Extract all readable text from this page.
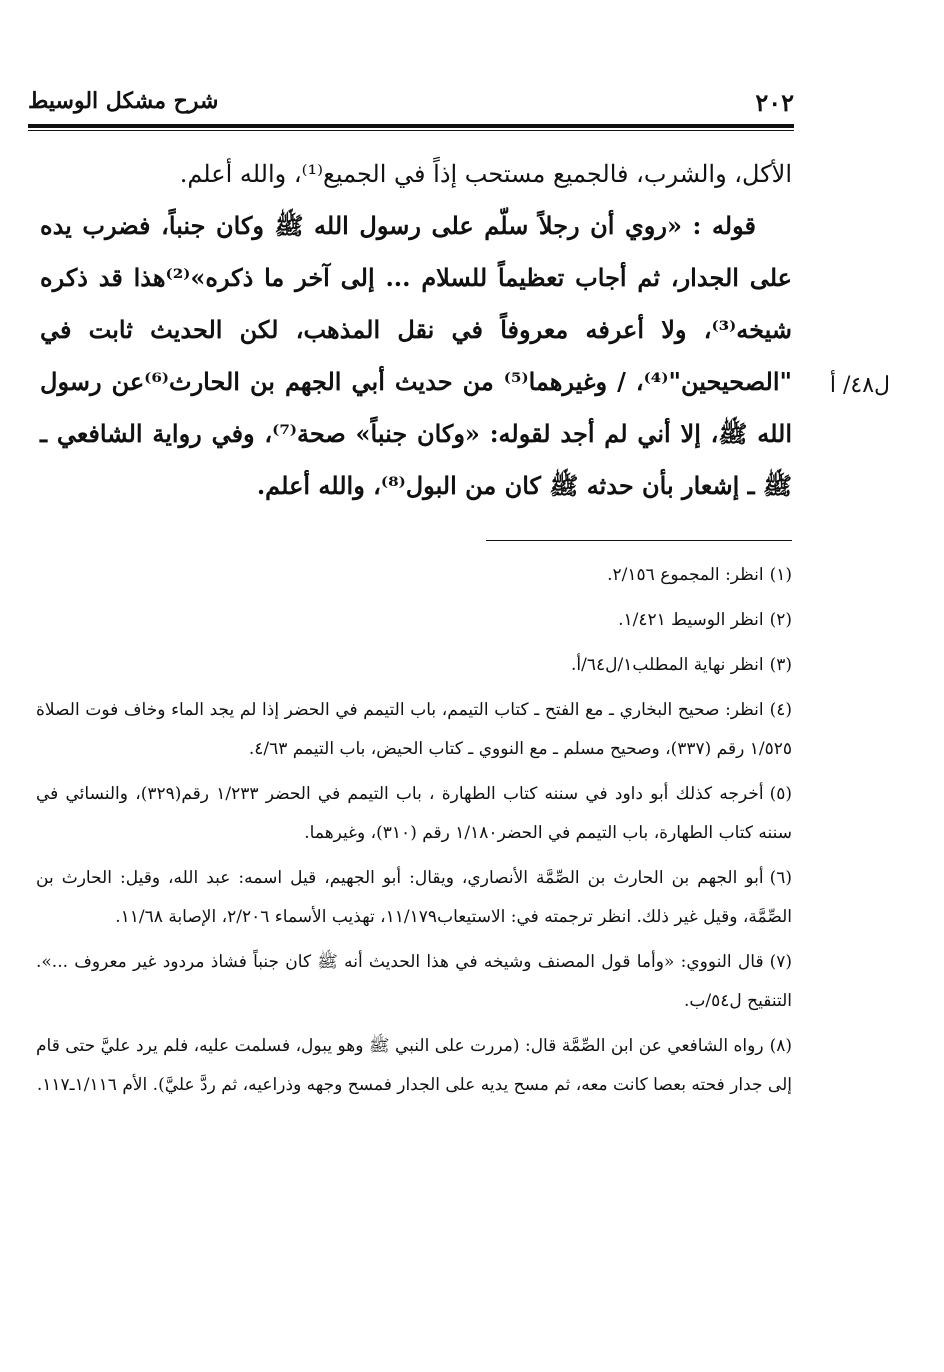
٢٠٢
شرح مشكل الوسيط
ل٤٨/ أ

الأكل، والشرب، فالجميع مستحب إذاً في الجميع⁽¹⁾، والله أعلم.

قوله : «روي أن رجلاً سلّم على رسول الله ﷺ وكان جنباً، فضرب يده على الجدار، ثم أجاب تعظيماً للسلام ... إلى آخر ما ذكره»⁽²⁾هذا قد ذكره شيخه⁽³⁾، ولا أعرفه معروفاً في نقل المذهب، لكن الحديث ثابت في "الصحيحين"⁽⁴⁾، / وغيرهما⁽⁵⁾ من حديث أبي الجهم بن الحارث⁽⁶⁾عن رسول الله ﷺ، إلا أني لم أجد لقوله: «وكان جنباً» صحة⁽⁷⁾، وفي رواية الشافعي ـ ﷺ ـ إشعار بأن حدثه ﷺ كان من البول⁽⁸⁾، والله أعلم.

(١)انظر: المجموع ٢/١٥٦.

(٢)انظر الوسيط ١/٤٢١.

(٣)انظر نهاية المطلب١/ل٦٤/أ.

(٤)انظر: صحيح البخاري ـ مع الفتح ـ كتاب التيمم، باب التيمم في الحضر إذا لم يجد الماء وخاف فوت الصلاة ١/٥٢٥ رقم (٣٣٧)، وصحيح مسلم ـ مع النووي ـ كتاب الحيض، باب التيمم ٤/٦٣.

(٥)أخرجه كذلك أبو داود في سننه كتاب الطهارة ، باب التيمم في الحضر ١/٢٣٣ رقم(٣٢٩)، والنسائي في سننه كتاب الطهارة، باب التيمم في الحضر١/١٨٠ رقم (٣١٠)، وغيرهما.

(٦)أبو الجهم بن الحارث بن الصِّمَّة الأنصاري، ويقال: أبو الجهيم، قيل اسمه: عبد الله، وقيل: الحارث بن الصِّمَّة، وقيل غير ذلك. انظر ترجمته في: الاستيعاب١١/١٧٩، تهذيب الأسماء ٢/٢٠٦، الإصابة ١١/٦٨.

(٧)قال النووي: «وأما قول المصنف وشيخه في هذا الحديث أنه ﷺ كان جنباً فشاذ مردود غير معروف ...». التنقيح ل٥٤/ب.

(٨)رواه الشافعي عن ابن الصِّمَّة قال: (مررت على النبي ﷺ وهو يبول، فسلمت عليه، فلم يرد عليَّ حتى قام إلى جدار فحته بعصا كانت معه، ثم مسح يديه على الجدار فمسح وجهه وذراعيه، ثم ردَّ عليَّ). الأم ١/١١٦ـ١١٧.
